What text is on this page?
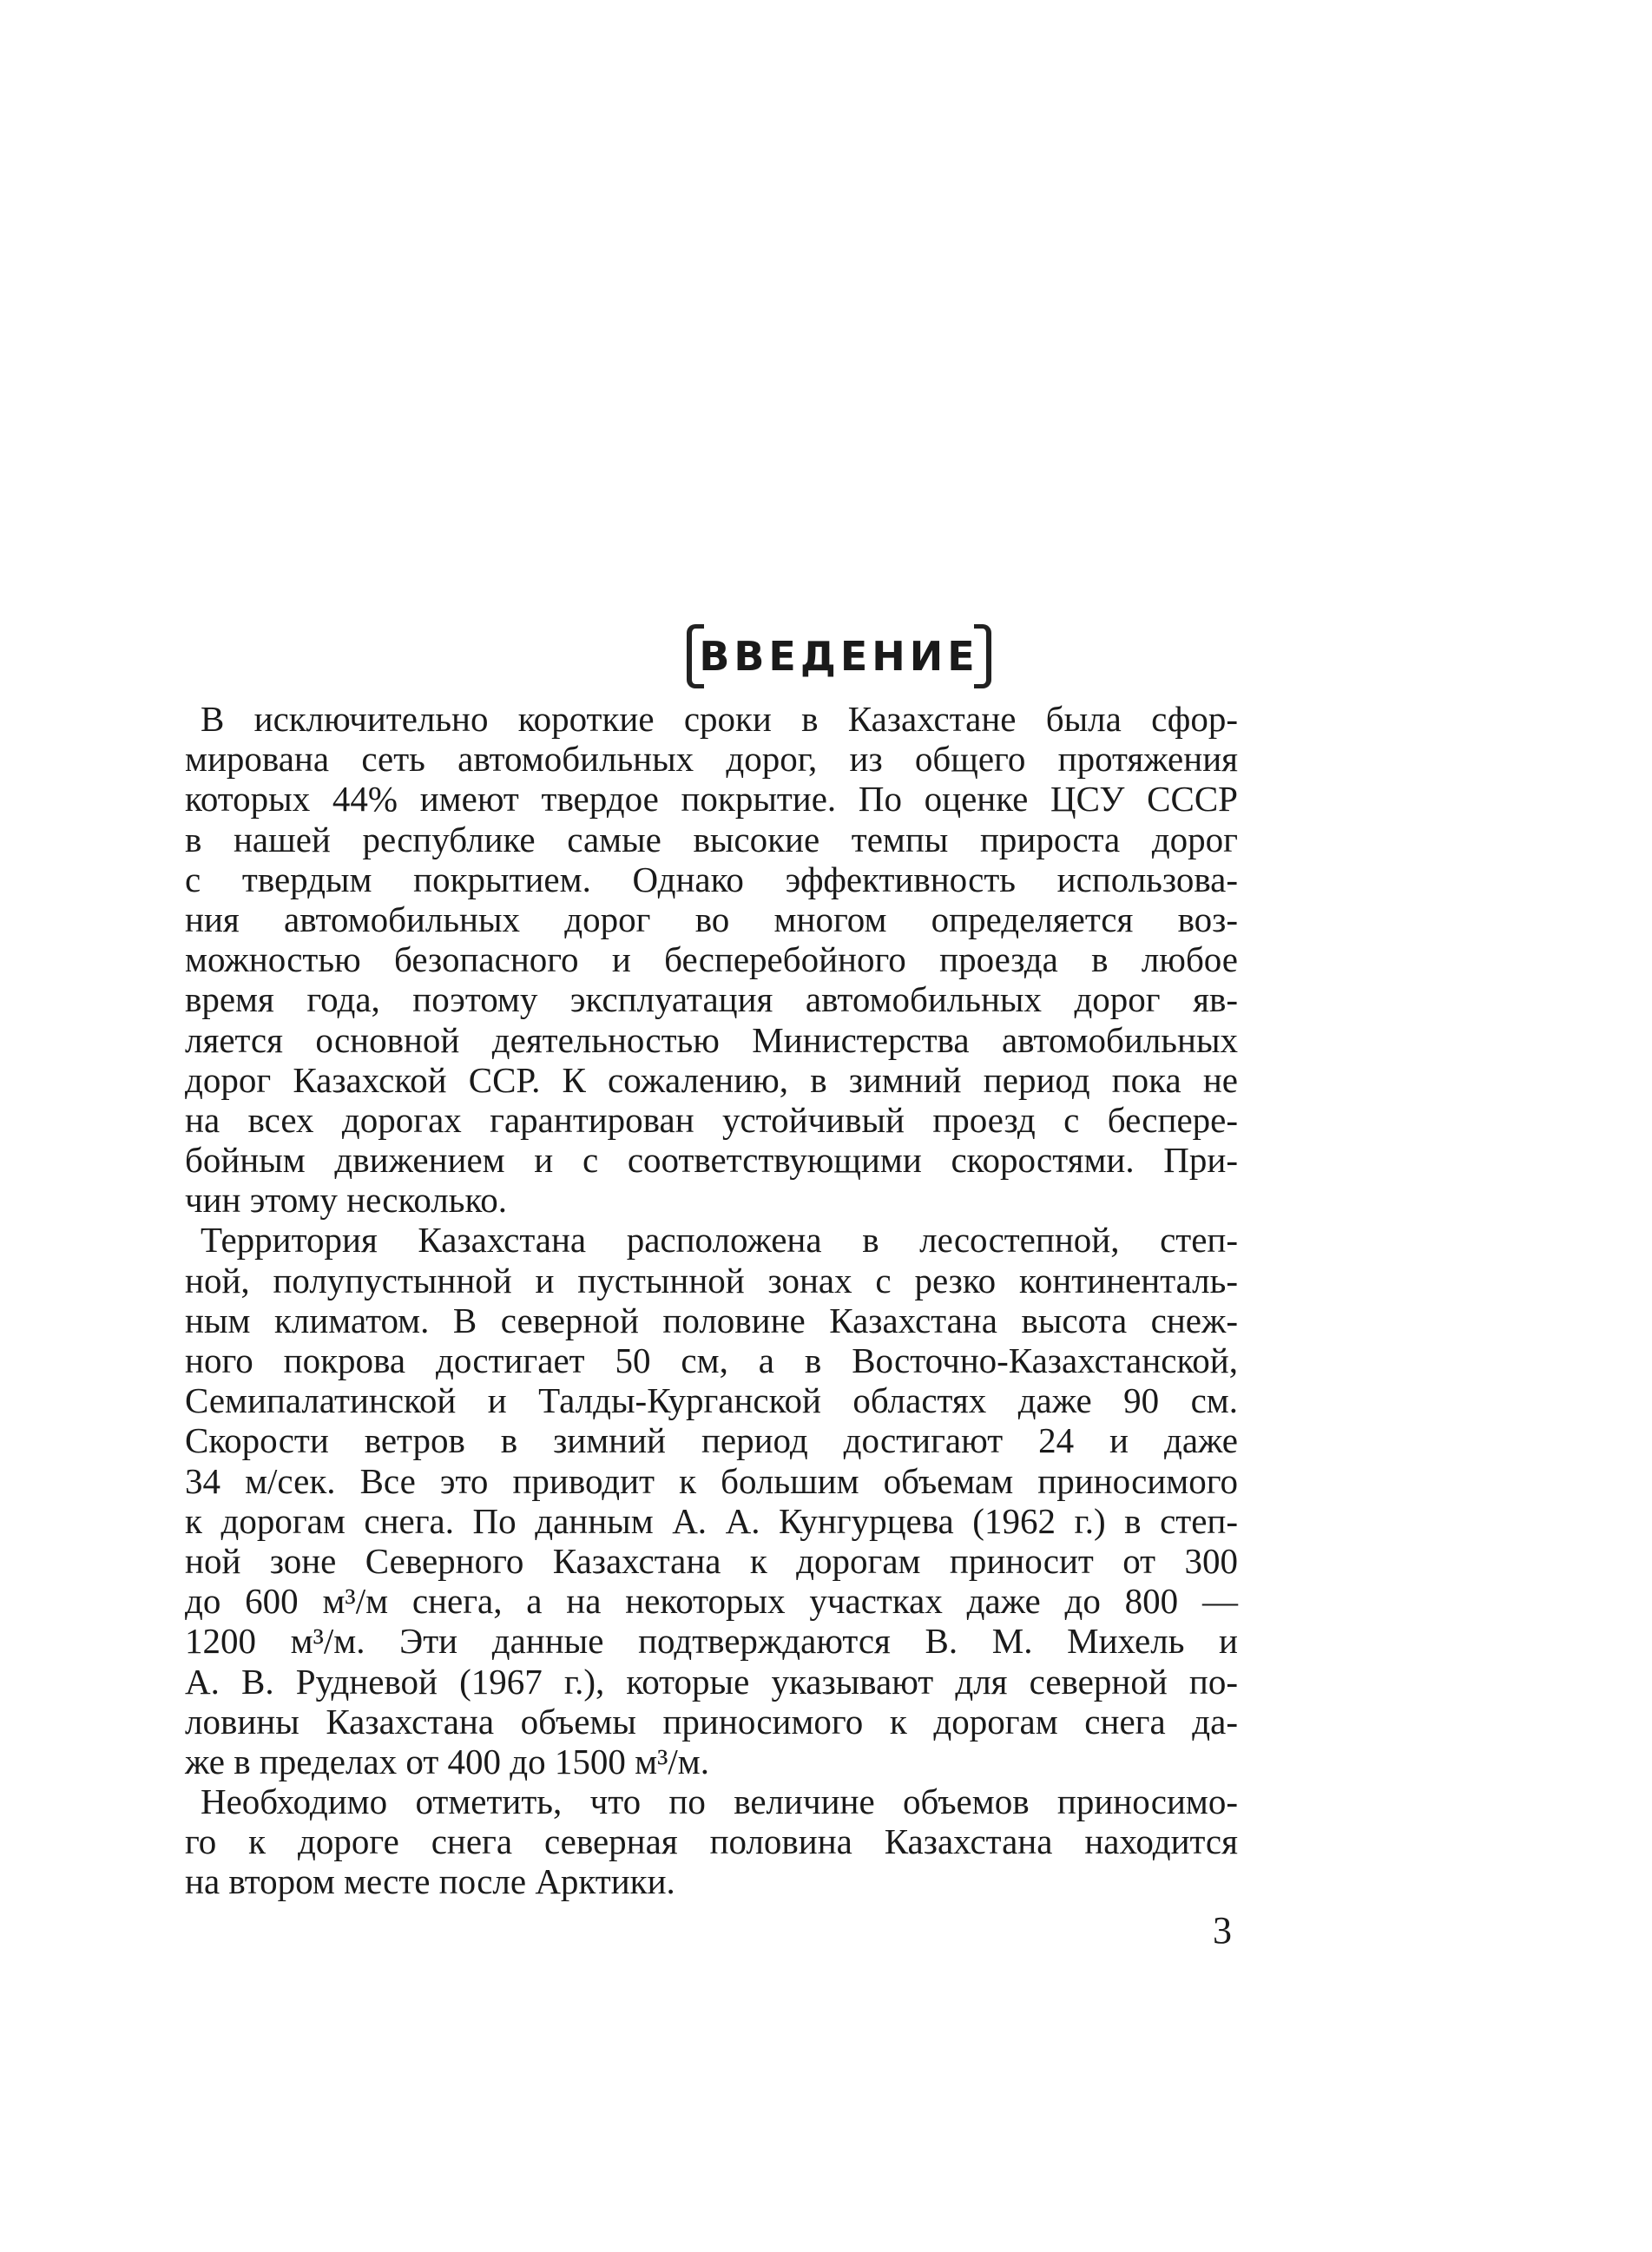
ВВЕДЕНИЕ
В исключительно короткие сроки в Казахстане была сфор-
мирована сеть автомобильных дорог, из общего протяжения
которых 44% имеют твердое покрытие. По оценке ЦСУ СССР
в нашей республике самые высокие темпы прироста дорог
с твердым покрытием. Однако эффективность использова-
ния автомобильных дорог во многом определяется воз-
можностью безопасного и бесперебойного проезда в любое
время года, поэтому эксплуатация автомобильных дорог яв-
ляется основной деятельностью Министерства автомобильных
дорог Казахской ССР. К сожалению, в зимний период пока не
на всех дорогах гарантирован устойчивый проезд с беспере-
бойным движением и с соответствующими скоростями. При-
чин этому несколько.
Территория Казахстана расположена в лесостепной, степ-
ной, полупустынной и пустынной зонах с резко континенталь-
ным климатом. В северной половине Казахстана высота снеж-
ного покрова достигает 50 см, а в Восточно-Казахстанской,
Семипалатинской и Талды-Курганской областях даже 90 см.
Скорости ветров в зимний период достигают 24 и даже
34 м/сек. Все это приводит к большим объемам приносимого
к дорогам снега. По данным А. А. Кунгурцева (1962 г.) в степ-
ной зоне Северного Казахстана к дорогам приносит от 300
до 600 м³/м снега, а на некоторых участках даже до 800 —
1200 м³/м. Эти данные подтверждаются В. М. Михель и
А. В. Рудневой (1967 г.), которые указывают для северной по-
ловины Казахстана объемы приносимого к дорогам снега да-
же в пределах от 400 до 1500 м³/м.
Необходимо отметить, что по величине объемов приносимо-
го к дороге снега северная половина Казахстана находится
на втором месте после Арктики.
3
